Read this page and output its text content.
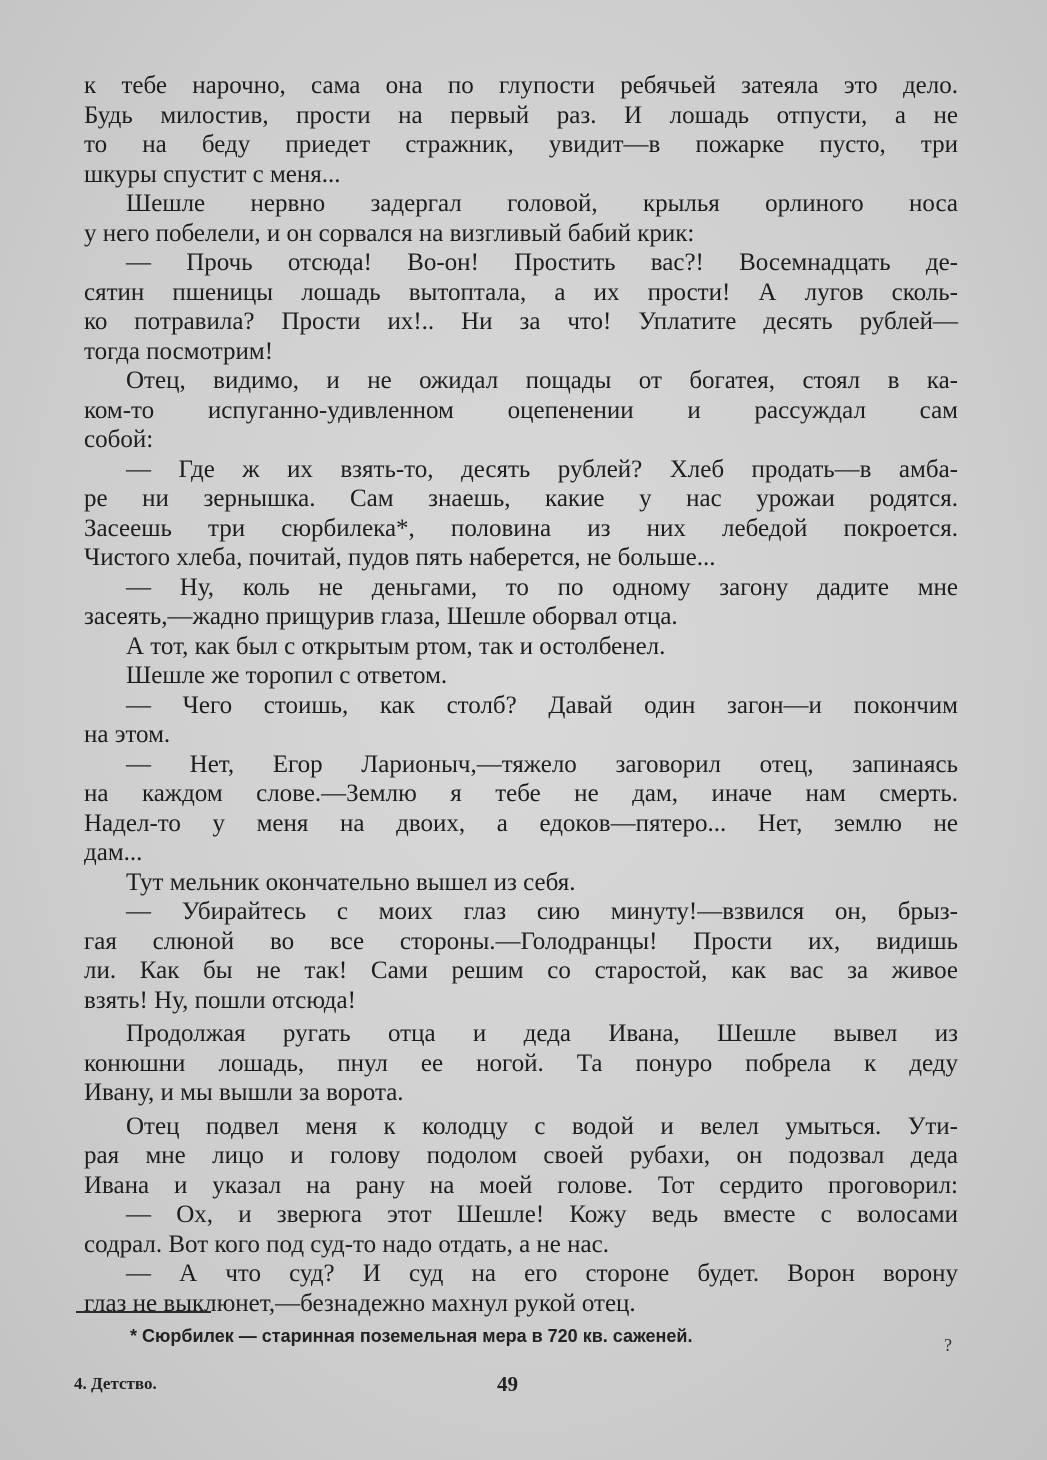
к тебе нарочно, сама она по глупости ребячьей затеяла это дело.
Будь милостив, прости на первый раз. И лошадь отпусти, а не
то на беду приедет стражник, увидит—в пожарке пусто, три
шкуры спустит с меня...
Шешле нервно задергал головой, крылья орлиного носа
у него побелели, и он сорвался на визгливый бабий крик:
— Прочь отсюда! Во-он! Простить вас?! Восемнадцать де-
сятин пшеницы лошадь вытоптала, а их прости! А лугов сколь-
ко потравила? Прости их!.. Ни за что! Уплатите десять рублей—
тогда посмотрим!
Отец, видимо, и не ожидал пощады от богатея, стоял в ка-
ком-то испуганно-удивленном оцепенении и рассуждал сам
собой:
— Где ж их взять-то, десять рублей? Хлеб продать—в амба-
ре ни зернышка. Сам знаешь, какие у нас урожаи родятся.
Засеешь три сюрбилека*, половина из них лебедой покроется.
Чистого хлеба, почитай, пудов пять наберется, не больше...
— Ну, коль не деньгами, то по одному загону дадите мне
засеять,—жадно прищурив глаза, Шешле оборвал отца.
А тот, как был с открытым ртом, так и остолбенел.
Шешле же торопил с ответом.
— Чего стоишь, как столб? Давай один загон—и покончим
на этом.
— Нет, Егор Ларионыч,—тяжело заговорил отец, запинаясь
на каждом слове.—Землю я тебе не дам, иначе нам смерть.
Надел-то у меня на двоих, а едоков—пятеро... Нет, землю не
дам...
Тут мельник окончательно вышел из себя.
— Убирайтесь с моих глаз сию минуту!—взвился он, брыз-
гая слюной во все стороны.—Голодранцы! Прости их, видишь
ли. Как бы не так! Сами решим со старостой, как вас за живое
взять! Ну, пошли отсюда!
Продолжая ругать отца и деда Ивана, Шешле вывел из
конюшни лошадь, пнул ее ногой. Та понуро побрела к деду
Ивану, и мы вышли за ворота.
Отец подвел меня к колодцу с водой и велел умыться. Ути-
рая мне лицо и голову подолом своей рубахи, он подозвал деда
Ивана и указал на рану на моей голове. Тот сердито проговорил:
— Ох, и зверюга этот Шешле! Кожу ведь вместе с волосами
содрал. Вот кого под суд-то надо отдать, а не нас.
— А что суд? И суд на его стороне будет. Ворон ворону
глаз не выклюнет,—безнадежно махнул рукой отец.
* Сюрбилек — старинная поземельная мера в 720 кв. саженей.	?
4. Детство.	49
